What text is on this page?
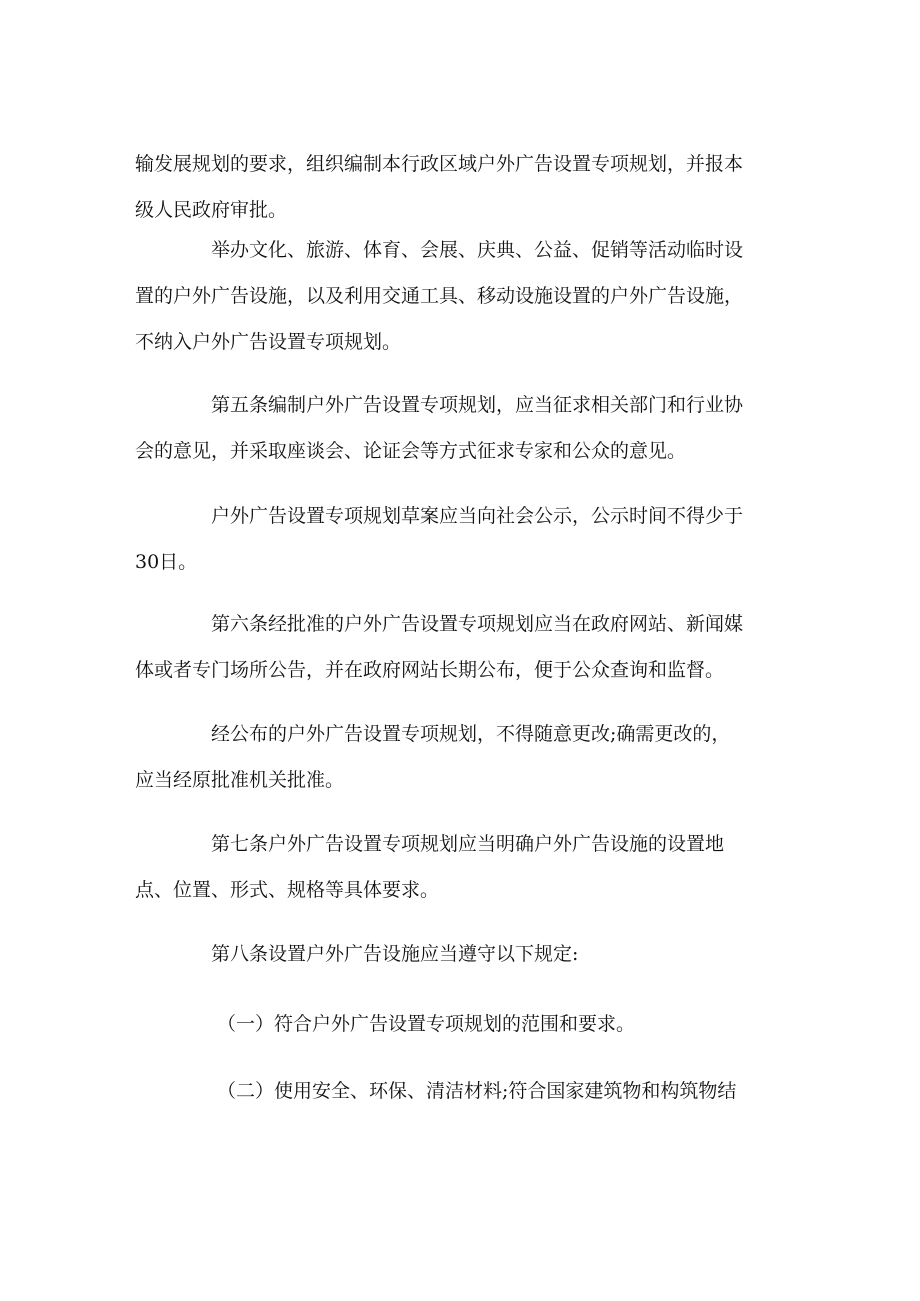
输发展规划的要求，组织编制本行政区域户外广告设置专项规划，并报本
级人民政府审批。
举办文化、旅游、体育、会展、庆典、公益、促销等活动临时设
置的户外广告设施，以及利用交通工具、移动设施设置的户外广告设施，
不纳入户外广告设置专项规划。
第五条编制户外广告设置专项规划，应当征求相关部门和行业协
会的意见，并采取座谈会、论证会等方式征求专家和公众的意见。
户外广告设置专项规划草案应当向社会公示，公示时间不得少于
30日。
第六条经批准的户外广告设置专项规划应当在政府网站、新闻媒
体或者专门场所公告，并在政府网站长期公布，便于公众查询和监督。
经公布的户外广告设置专项规划，不得随意更改;确需更改的，
应当经原批准机关批准。
第七条户外广告设置专项规划应当明确户外广告设施的设置地
点、位置、形式、规格等具体要求。
第八条设置户外广告设施应当遵守以下规定:
（一）符合户外广告设置专项规划的范围和要求。
（二）使用安全、环保、清洁材料;符合国家建筑物和构筑物结
